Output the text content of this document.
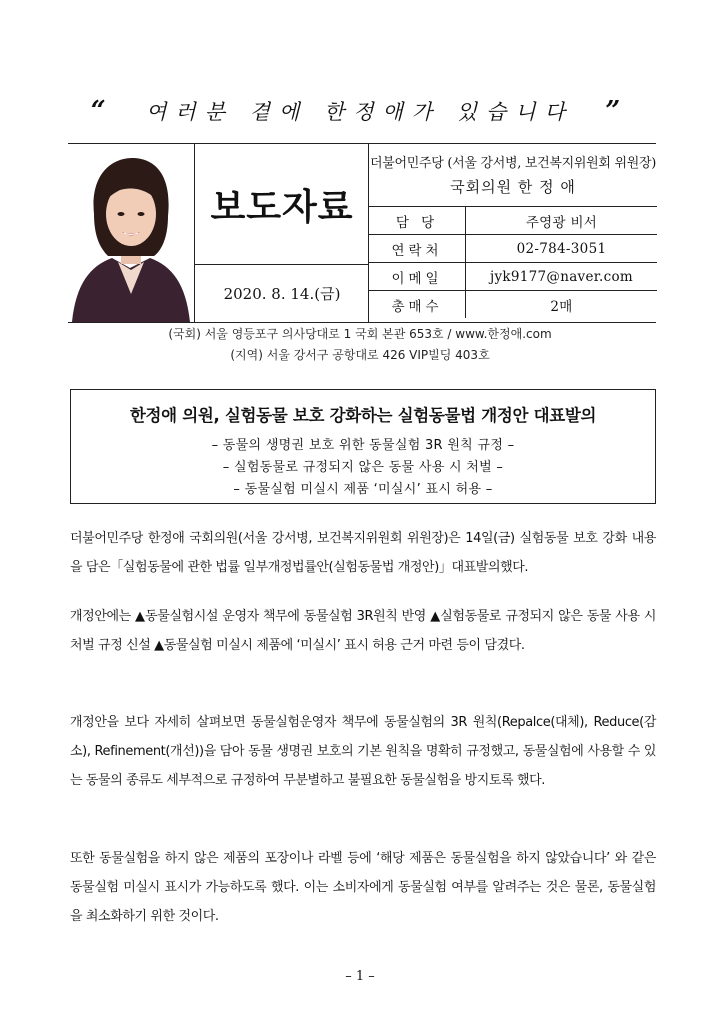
“ 여러분 곁에 한정애가 있습니다 ”
보도자료
2020. 8. 14.(금)
더불어민주당 (서울 강서병, 보건복지위원회 위원장)
국회의원 한 정 애
담 당	주영광 비서
연락처	02-784-3051
이메일	jyk9177@naver.com
총매수	2매
(국회) 서울 영등포구 의사당대로 1 국회 본관 653호 / www.한정애.com
(지역) 서울 강서구 공항대로 426 VIP빌딩 403호
한정애 의원, 실험동물 보호 강화하는 실험동물법 개정안 대표발의
– 동물의 생명권 보호 위한 동물실험 3R 원칙 규정 –
– 실험동물로 규정되지 않은 동물 사용 시 처벌 –
– 동물실험 미실시 제품 ‘미실시’ 표시 허용 –

더불어민주당 한정애 국회의원(서울 강서병, 보건복지위원회 위원장)은 14일(금) 실험동물 보호 강화 내용을 담은「실험동물에 관한 법률 일부개정법률안(실험동물법 개정안)」대표발의했다.

개정안에는 ▲동물실험시설 운영자 책무에 동물실험 3R원칙 반영 ▲실험동물로 규정되지 않은 동물 사용 시 처벌 규정 신설 ▲동물실험 미실시 제품에 ‘미실시’ 표시 허용 근거 마련 등이 담겼다.

개정안을 보다 자세히 살펴보면 동물실험운영자 책무에 동물실험의 3R 원칙(Repalce(대체), Reduce(감소), Refinement(개선))을 담아 동물 생명권 보호의 기본 원칙을 명확히 규정했고, 동물실험에 사용할 수 있는 동물의 종류도 세부적으로 규정하여 무분별하고 불필요한 동물실험을 방지토록 했다.

또한 동물실험을 하지 않은 제품의 포장이나 라벨 등에 ‘해당 제품은 동물실험을 하지 않았습니다’ 와 같은 동물실험 미실시 표시가 가능하도록 했다. 이는 소비자에게 동물실험 여부를 알려주는 것은 물론, 동물실험을 최소화하기 위한 것이다.

– 1 –
